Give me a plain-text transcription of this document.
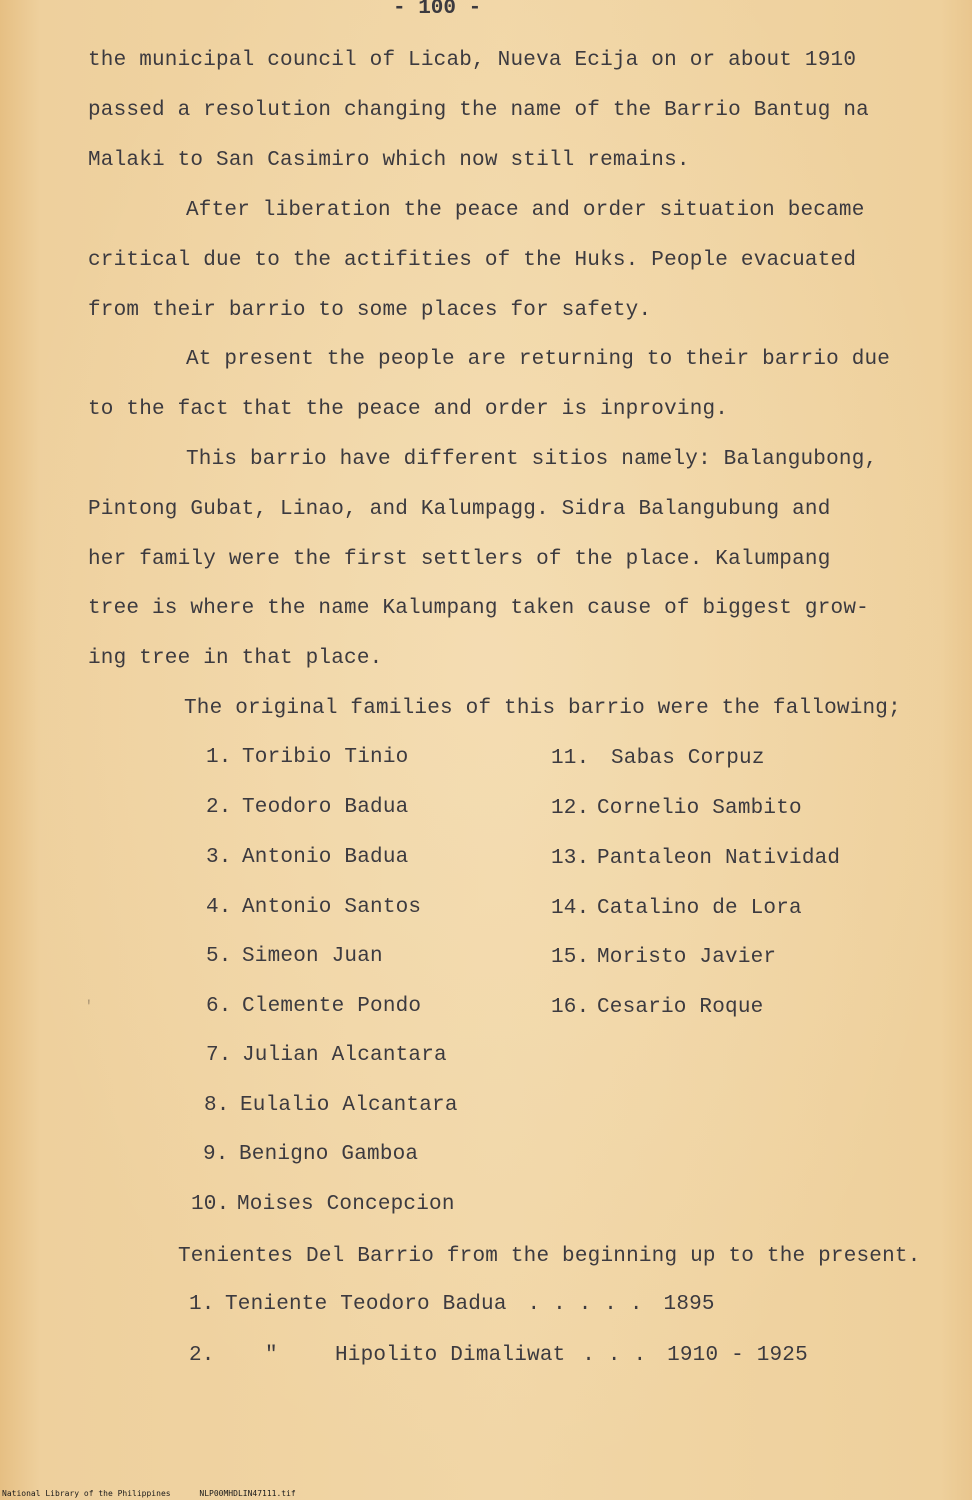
- 100 -
the municipal council of Licab, Nueva Ecija on or about 1910
passed a resolution changing the name of the Barrio Bantug na
Malaki to San Casimiro which now still remains.
After liberation the peace and order situation became
critical due to the actifities of the Huks. People evacuated
from their barrio to some places for safety.
At present the people are returning to their barrio due
to the fact that the peace and order is inproving.
This barrio have different sitios namely: Balangubong,
Pintong Gubat, Linao, and Kalumpagg. Sidra Balangubung and
her family were the first settlers of the place. Kalumpang
tree is where the name Kalumpang taken cause of biggest grow-
ing tree in that place.
The original families of this barrio were the fallowing;
1. Toribio Tinio
2. Teodoro Badua
3. Antonio Badua
4. Antonio Santos
5. Simeon Juan
6. Clemente Pondo
7. Julian Alcantara
8. Eulalio Alcantara
9. Benigno Gamboa
10. Moises Concepcion
11. Sabas Corpuz
12. Cornelio Sambito
13. Pantaleon Natividad
14. Catalino de Lora
15. Moristo Javier
16. Cesario Roque
Tenientes Del Barrio from the beginning up to the present.
1. Teniente Teodoro Badua . . . . . 1895
2. "	Hipolito Dimaliwat . . . 1910 - 1925
'
National Library of the Philippines	NLP00MHDLIN47111.tif
